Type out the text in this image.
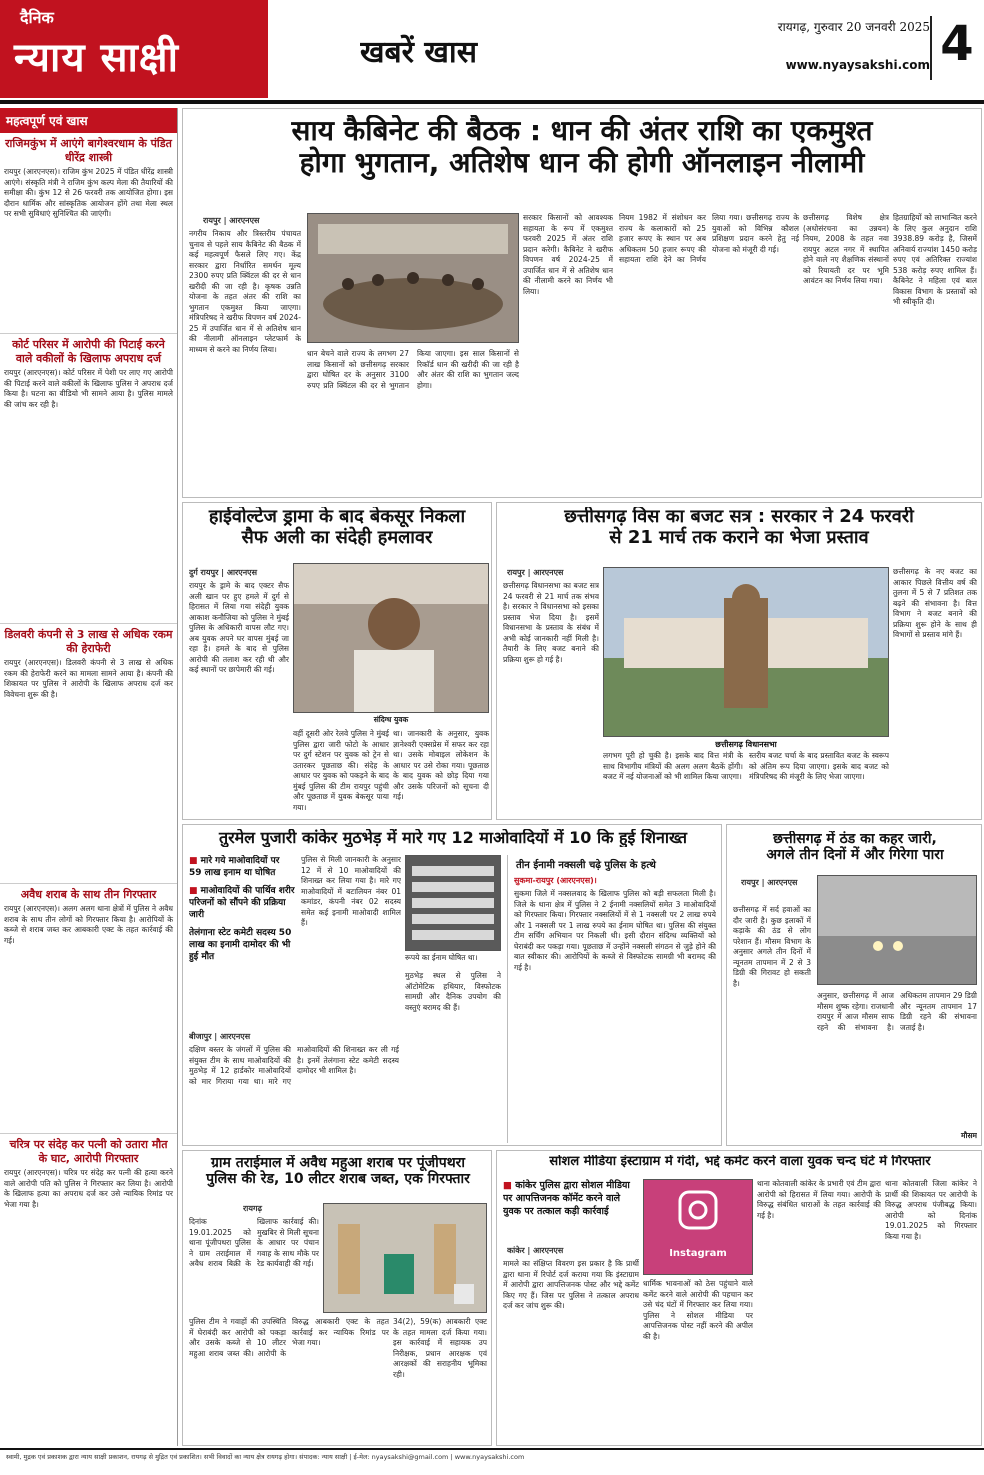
दैनिक
न्याय साक्षी	खबरें खास
रायगढ़, गुरुवार 20 जनवरी 2025
www.nyaysakshi.com 4
महत्वपूर्ण एवं खास
राजिमकुंभ में आएंगे बागेश्वरधाम के पंडित धीरेंद्र शास्त्री

रायपुर (आरएनएस)। राजिम कुंभ 2025 में पंडित धीरेंद्र शास्त्री आएंगे। संस्कृति मंत्री ने राजिम कुंभ कल्प मेला की तैयारियों की समीक्षा की। कुंभ 12 से 26 फरवरी तक आयोजित होगा। इस दौरान धार्मिक और सांस्कृतिक आयोजन होंगे तथा मेला स्थल पर सभी सुविधाएं सुनिश्चित की जाएंगी।

कोर्ट परिसर में आरोपी की पिटाई करने वाले वकीलों के खिलाफ अपराध दर्ज

रायपुर (आरएनएस)। कोर्ट परिसर में पेशी पर लाए गए आरोपी की पिटाई करने वाले वकीलों के खिलाफ पुलिस ने अपराध दर्ज किया है। घटना का वीडियो भी सामने आया है। पुलिस मामले की जांच कर रही है।

डिलवरी कंपनी से 3 लाख से अधिक रकम की हेराफेरी

रायपुर (आरएनएस)। डिलवरी कंपनी से 3 लाख से अधिक रकम की हेराफेरी करने का मामला सामने आया है। कंपनी की शिकायत पर पुलिस ने आरोपी के खिलाफ अपराध दर्ज कर विवेचना शुरू की है।

अवैध शराब के साथ तीन गिरफ्तार

रायपुर (आरएनएस)। अलग अलग थाना क्षेत्रों में पुलिस ने अवैध शराब के साथ तीन लोगों को गिरफ्तार किया है। आरोपियों के कब्जे से शराब जब्त कर आबकारी एक्ट के तहत कार्रवाई की गई।

चरित्र पर संदेह कर पत्नी को उतारा मौत के घाट, आरोपी गिरफ्तार

रायपुर (आरएनएस)। चरित्र पर संदेह कर पत्नी की हत्या करने वाले आरोपी पति को पुलिस ने गिरफ्तार कर लिया है। आरोपी के खिलाफ हत्या का अपराध दर्ज कर उसे न्यायिक रिमांड पर भेजा गया है।

साय कैबिनेट की बैठक : धान की अंतर राशि का एकमुश्त
होगा भुगतान, अतिशेष धान की होगी ऑनलाइन नीलामी
रायपुर | आरएनएस
नगरीय निकाय और त्रिस्तरीय पंचायत चुनाव से पहले साय कैबिनेट की बैठक में कई महत्वपूर्ण फैसले लिए गए। केंद्र सरकार द्वारा निर्धारित समर्थन मूल्य 2300 रुपए प्रति क्विंटल की दर से धान खरीदी की जा रही है। कृषक उन्नति योजना के तहत अंतर की राशि का भुगतान एकमुश्त किया जाएगा। मंत्रिपरिषद ने खरीफ विपणन वर्ष 2024-25 में उपार्जित धान में से अतिशेष धान की नीलामी ऑनलाइन प्लेटफार्म के माध्यम से करने का निर्णय लिया।	धान बेचने वाले राज्य के लगभग 27 लाख किसानों को छत्तीसगढ़ सरकार द्वारा घोषित दर के अनुसार 3100 रुपए प्रति क्विंटल की दर से भुगतान किया जाएगा। इस साल किसानों से रिकॉर्ड धान की खरीदी की जा रही है और अंतर की राशि का भुगतान जल्द होगा।
सरकार किसानों को आवश्यक सहायता के रूप में एकमुश्त फरवरी 2025 में अंतर राशि प्रदान करेगी। कैबिनेट ने खरीफ विपणन वर्ष 2024-25 में उपार्जित धान में से अतिशेष धान की नीलामी करने का निर्णय भी लिया।
नियम 1982 में संशोधन कर राज्य के कलाकारों को 25 हजार रूपए के स्थान पर अब अधिकतम 50 हजार रूपए की सहायता राशि देने का निर्णय लिया गया। छत्तीसगढ़ राज्य के युवाओं को विभिन्न कौशल प्रशिक्षण प्रदान करने हेतु नई योजना को मंजूरी दी गई।
छत्तीसगढ़ विशेष क्षेत्र (अधोसंरचना का उन्नयन) नियम, 2008 के तहत नवा रायपुर अटल नगर में स्थापित होने वाले नए शैक्षणिक संस्थानों को रियायती दर पर भूमि आवंटन का निर्णय लिया गया।
हितग्राहियों को लाभान्वित करने के लिए कुल अनुदान राशि 3938.89 करोड़ है, जिसमें अनिवार्य राज्यांश 1450 करोड़ रुपए एवं अतिरिक्त राज्यांश 538 करोड़ रुपए शामिल हैं। कैबिनेट ने महिला एवं बाल विकास विभाग के प्रस्तावों को भी स्वीकृति दी।
हाईवोल्टेज ड्रामा के बाद बेकसूर निकला
सैफ अली का संदेही हमलावर
दुर्ग रायपुर | आरएनएस
रायपुर के ड्रामे के बाद एक्टर सैफ अली खान पर हुए हमले में दुर्ग से हिरासत में लिया गया संदेही युवक आकाश कनौजिया को पुलिस ने मुंबई पुलिस के अधिकारी वापस लौट गए। अब युवक अपने घर वापस मुंबई जा रहा है। हमले के बाद से पुलिस आरोपी की तलाश कर रही थी और कई स्थानों पर छापेमारी की गई।
संदिग्ध युवक
वहीं दूसरी ओर रेलवे पुलिस ने मुंबई पुलिस द्वारा जारी फोटो के आधार पर दुर्ग स्टेशन पर युवक को ट्रेन से उतारकर पूछताछ की। संदेह के आधार पर युवक को पकड़ने के बाद मुंबई पुलिस की टीम रायपुर पहुंची और पूछताछ में युवक बेकसूर पाया गया।
था। जानकारी के अनुसार, युवक ज्ञानेश्वरी एक्सप्रेस में सफर कर रहा था। उसके मोबाइल लोकेशन के आधार पर उसे रोका गया। पूछताछ के बाद युवक को छोड़ दिया गया और उसके परिजनों को सूचना दी गई।
छत्तीसगढ़ विस का बजट सत्र : सरकार ने 24 फरवरी
से 21 मार्च तक कराने का भेजा प्रस्ताव
रायपुर | आरएनएस
छत्तीसगढ़ विधानसभा का बजट सत्र 24 फरवरी से 21 मार्च तक संभव है। सरकार ने विधानसभा को इसका प्रस्ताव भेज दिया है। इसमें विधानसभा के प्रस्ताव के संबंध में अभी कोई जानकारी नहीं मिली है। तैयारी के लिए बजट बनाने की प्रक्रिया शुरू हो गई है।
छत्तीसगढ़ विधानसभा
लगभग पूरी हो चुकी है। इसके बाद वित्त मंत्री के साथ विभागीय मंत्रियों की अलग अलग बैठकें होंगी। बजट में नई योजनाओं को भी शामिल किया जाएगा।
स्तरीय बजट चर्चा के बाद प्रस्तावित बजट के स्वरूप को अंतिम रूप दिया जाएगा। इसके बाद बजट को मंत्रिपरिषद की मंजूरी के लिए भेजा जाएगा।
छत्तीसगढ़ के नए बजट का आकार पिछले वित्तीय वर्ष की तुलना में 5 से 7 प्रतिशत तक बढ़ने की संभावना है। वित्त विभाग ने बजट बनाने की प्रक्रिया शुरू होने के साथ ही विभागों से प्रस्ताव मांगे हैं।
तुरमेल पुजारी कांकेर मुठभेड़ में मारे गए 12 माओवादियों में 10 कि हुई शिनाख्त
■ मारे गये माओवादियों पर 59 लाख इनाम था घोषित
■ माओवादियों की पार्थिव शरीर परिजनों को सौंपने की प्रक्रिया जारी
तेलंगाना स्टेट कमेटी सदस्य 50 लाख का इनामी दामोदर की भी हुई मौत
बीजापुर | आरएनएस
दक्षिण बस्तर के जंगलों में पुलिस की संयुक्त टीम के साथ माओवादियों की मुठभेड़ में 12 हार्डकोर माओवादियों को मार गिराया गया था। मारे गए माओवादियों की शिनाख्त कर ली गई है। इनमें तेलंगाना स्टेट कमेटी सदस्य दामोदर भी शामिल है।
पुलिस से मिली जानकारी के अनुसार 12 में से 10 माओवादियों की शिनाख्त कर लिया गया है। मारे गए माओवादियों में बटालियन नंबर 01 कमांडर, कंपनी नंबर 02 सदस्य समेत कई इनामी माओवादी शामिल हैं।
रूपये का ईनाम घोषित था।
मुठभेड़ स्थल से पुलिस ने ऑटोमेटिक हथियार, विस्फोटक सामग्री और दैनिक उपयोग की वस्तुएं बरामद की हैं।
तीन ईनामी नक्सली चढ़े पुलिस के हत्थे
सुकमा-रायपुर (आरएनएस)।
सुकमा जिले में नक्सलवाद के खिलाफ पुलिस को बड़ी सफलता मिली है। जिले के थाना क्षेत्र में पुलिस ने 2 ईनामी नक्सलियों समेत 3 माओवादियों को गिरफ्तार किया। गिरफ्तार नक्सलियों में से 1 नक्सली पर 2 लाख रुपये और 1 नक्सली पर 1 लाख रुपये का ईनाम घोषित था। पुलिस की संयुक्त टीम सर्चिंग अभियान पर निकली थी। इसी दौरान संदिग्ध व्यक्तियों को घेराबंदी कर पकड़ा गया। पूछताछ में उन्होंने नक्सली संगठन से जुड़े होने की बात स्वीकार की। आरोपियों के कब्जे से विस्फोटक सामग्री भी बरामद की गई है।
छत्तीसगढ़ में ठंड का कहर जारी,
अगले तीन दिनों में और गिरेगा पारा
रायपुर | आरएनएस
छत्तीसगढ़ में सर्द हवाओं का दौर जारी है। कुछ इलाकों में कड़ाके की ठंड से लोग परेशान हैं। मौसम विभाग के अनुसार अगले तीन दिनों में न्यूनतम तापमान में 2 से 3 डिग्री की गिरावट हो सकती है।
अनुसार, छत्तीसगढ़ में आज मौसम शुष्क रहेगा। राजधानी रायपुर में आज मौसम साफ रहने की संभावना है। अधिकतम तापमान 29 डिग्री और न्यूनतम तापमान 17 डिग्री रहने की संभावना जताई है।
मौसम
ग्राम तराईमाल में अवैध महुआ शराब पर पूंजीपथरा
पुलिस की रेड, 10 लीटर शराब जब्त, एक गिरफ्तार
रायगढ़
दिनांक 19.01.2025 को थाना पूंजीपथरा पुलिस ने ग्राम तराईमाल में अवैध शराब बिक्री के खिलाफ कार्रवाई की। मुखबिर से मिली सूचना के आधार पर पंचान गवाह के साथ मौके पर रेड कार्यवाही की गई।
पुलिस टीम ने गवाहों की उपस्थिति में घेराबंदी कर आरोपी को पकड़ा और उसके कब्जे से 10 लीटर महुआ शराब जब्त की। आरोपी के विरुद्ध आबकारी एक्ट के तहत कार्रवाई कर न्यायिक रिमांड पर भेजा गया।
34(2), 59(क) आबकारी एक्ट के तहत मामला दर्ज किया गया। इस कार्रवाई में सहायक उप निरीक्षक, प्रधान आरक्षक एवं आरक्षकों की सराहनीय भूमिका रही।
सोशल मीडिया इंस्टाग्राम में गंदी, भद्दे कमेंट करने वाला युवक चन्द घंटे में गिरफ्तार
■ कांकेर पुलिस द्वारा सोशल मीडिया पर आपत्तिजनक कॉमेंट करने वाले युवक पर तत्काल कड़ी कार्रवाई
कांकेर | आरएनएस	Instagram
मामले का संक्षिप्त विवरण इस प्रकार है कि प्रार्थी द्वारा थाना में रिपोर्ट दर्ज कराया गया कि इंस्टाग्राम में आरोपी द्वारा आपत्तिजनक पोस्ट और भद्दे कमेंट किए गए हैं। जिस पर पुलिस ने तत्काल अपराध दर्ज कर जांच शुरू की।
धार्मिक भावनाओं को ठेस पहुंचाने वाले कमेंट करने वाले आरोपी की पहचान कर उसे चंद घंटों में गिरफ्तार कर लिया गया। पुलिस ने सोशल मीडिया पर आपत्तिजनक पोस्ट नहीं करने की अपील की है।
थाना कोतवाली कांकेर के प्रभारी एवं टीम द्वारा आरोपी को हिरासत में लिया गया। आरोपी के विरुद्ध संबंधित धाराओं के तहत कार्रवाई की गई है।
थाना कोतवाली जिला कांकेर ने प्रार्थी की शिकायत पर आरोपी के विरुद्ध अपराध पंजीबद्ध किया। आरोपी को दिनांक 19.01.2025 को गिरफ्तार किया गया है।
स्वामी, मुद्रक एवं प्रकाशक द्वारा न्याय साक्षी प्रकाशन, रायगढ़ से मुद्रित एवं प्रकाशित। सभी विवादों का न्याय क्षेत्र रायगढ़ होगा। संपादक: न्याय साक्षी | ई-मेल: nyaysakshi@gmail.com | www.nyaysakshi.com
